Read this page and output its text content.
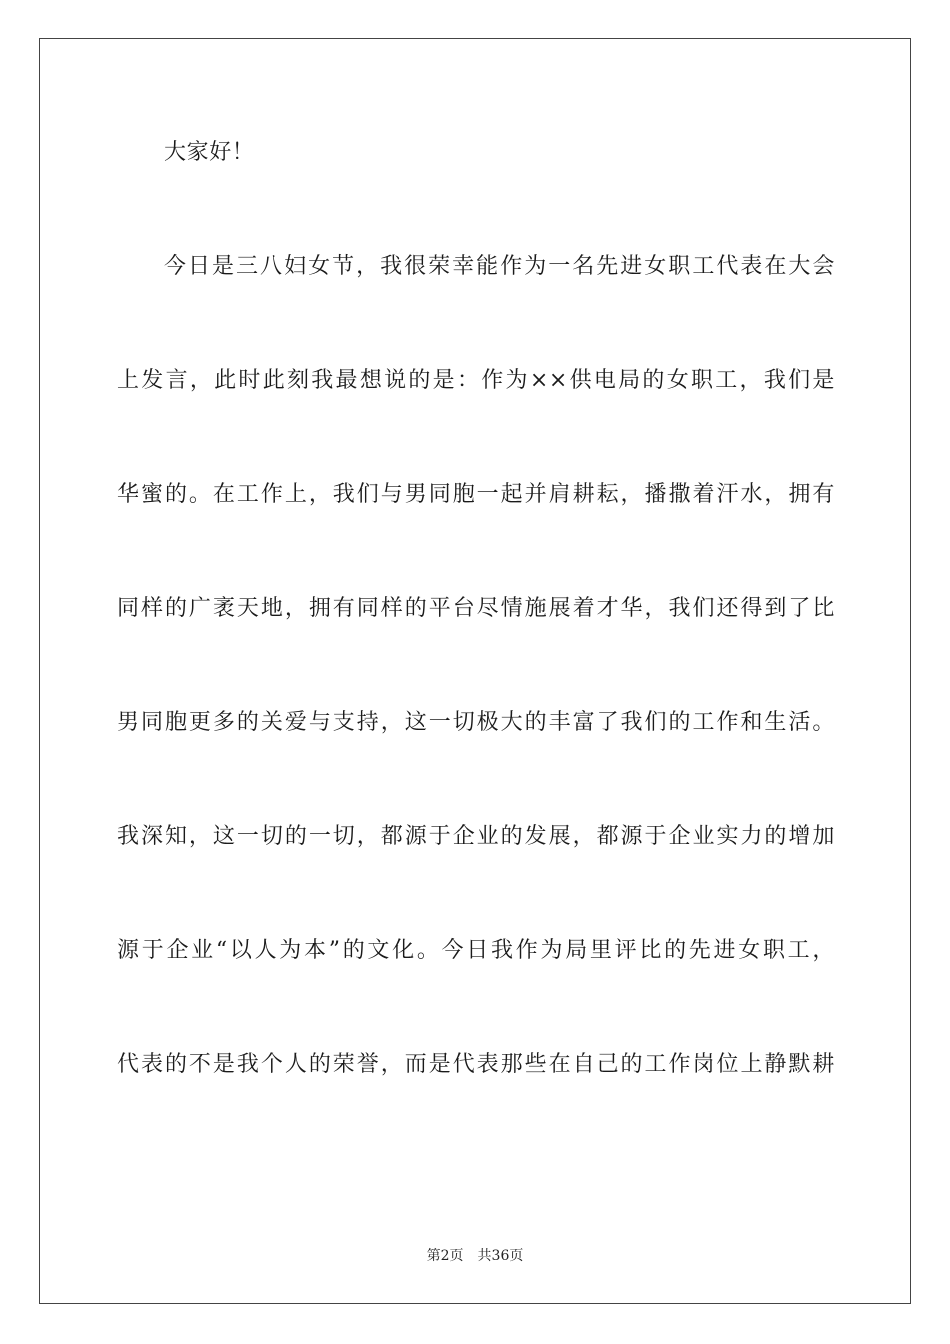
大家好！
今日是三八妇女节，我很荣幸能作为一名先进女职工代表在大会
上发言，此时此刻我最想说的是：作为××供电局的女职工，我们是
华蜜的。在工作上，我们与男同胞一起并肩耕耘，播撒着汗水，拥有
同样的广袤天地，拥有同样的平台尽情施展着才华，我们还得到了比
男同胞更多的关爱与支持，这一切极大的丰富了我们的工作和生活。
我深知，这一切的一切，都源于企业的发展，都源于企业实力的增加
源于企业“以人为本”的文化。今日我作为局里评比的先进女职工，
代表的不是我个人的荣誉，而是代表那些在自己的工作岗位上静默耕
第2页 共36页
